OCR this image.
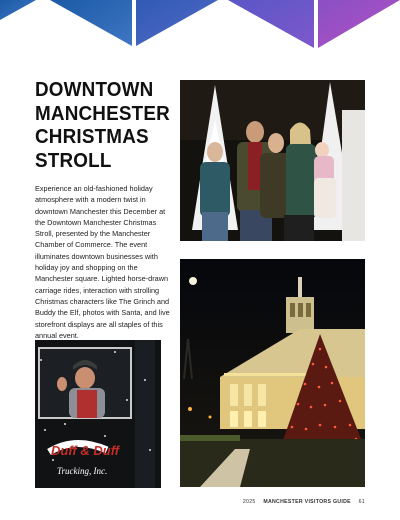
DOWNTOWN
MANCHESTER
CHRISTMAS
STROLL
Experience an old-fashioned holiday atmosphere with a modern twist in downtown Manchester this December at the Downtown Manchester Christmas Stroll, presented by the Manchester Chamber of Commerce. The event illuminates downtown businesses with holiday joy and shopping on the Manchester square. Lighted horse-drawn carriage rides, interaction with strolling Christmas characters like The Grinch and Buddy the Elf, photos with Santa, and live storefront displays are all staples of this annual event.
Duff & Duff
Trucking, Inc.
2025 MANCHESTER VISITORS GUIDE 61
